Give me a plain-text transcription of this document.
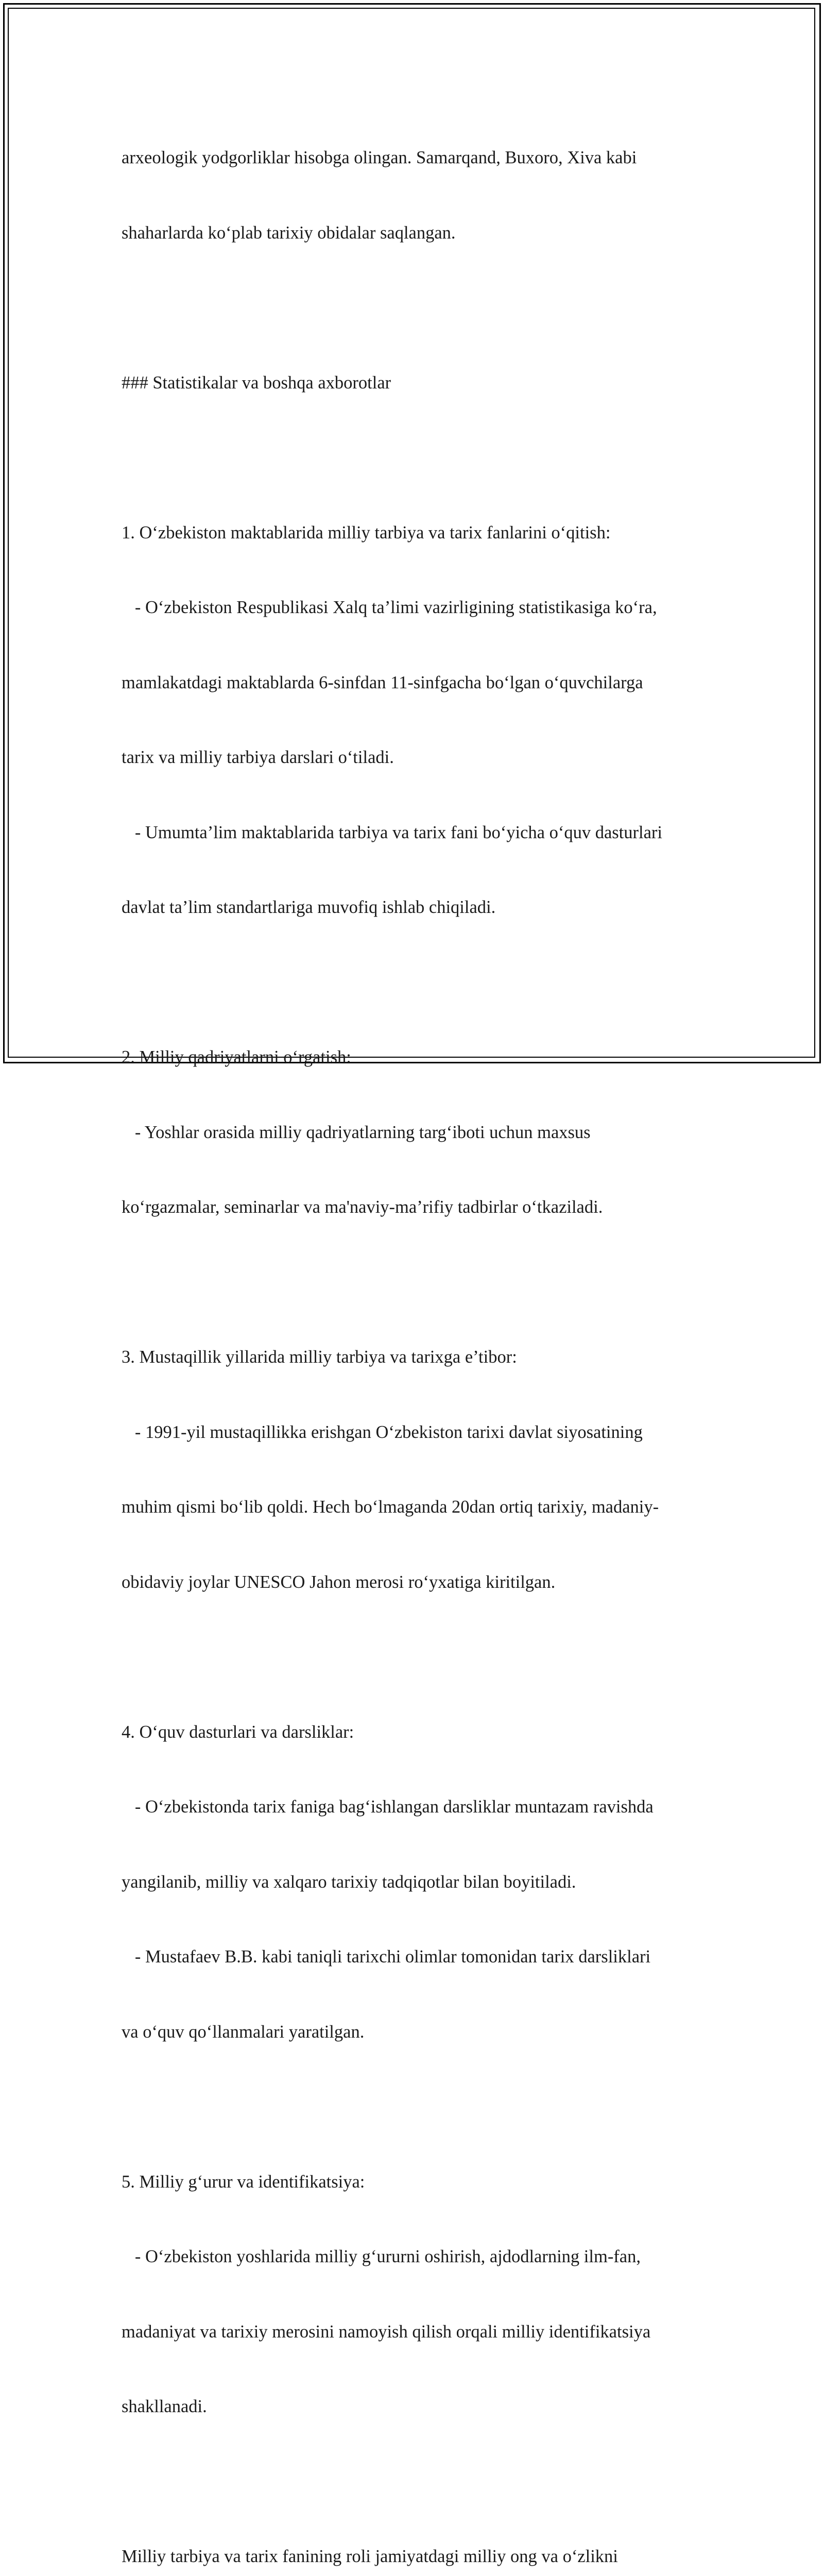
arxeologik yodgorliklar hisobga olingan. Samarqand, Buxoro, Xiva kabi

shaharlarda ko‘plab tarixiy obidalar saqlangan.

### Statistikalar va boshqa axborotlar

1. O‘zbekiston maktablarida milliy tarbiya va tarix fanlarini o‘qitish:

- O‘zbekiston Respublikasi Xalq ta’limi vazirligining statistikasiga ko‘ra,

mamlakatdagi maktablarda 6-sinfdan 11-sinfgacha bo‘lgan o‘quvchilarga

tarix va milliy tarbiya darslari o‘tiladi.

- Umumta’lim maktablarida tarbiya va tarix fani bo‘yicha o‘quv dasturlari

davlat ta’lim standartlariga muvofiq ishlab chiqiladi.

2. Milliy qadriyatlarni o‘rgatish:

- Yoshlar orasida milliy qadriyatlarning targ‘iboti uchun maxsus

ko‘rgazmalar, seminarlar va ma'naviy-ma’rifiy tadbirlar o‘tkaziladi.

3. Mustaqillik yillarida milliy tarbiya va tarixga e’tibor:

- 1991-yil mustaqillikka erishgan O‘zbekiston tarixi davlat siyosatining

muhim qismi bo‘lib qoldi. Hech bo‘lmaganda 20dan ortiq tarixiy, madaniy-

obidaviy joylar UNESCO Jahon merosi ro‘yxatiga kiritilgan.

4. O‘quv dasturlari va darsliklar:

- O‘zbekistonda tarix faniga bag‘ishlangan darsliklar muntazam ravishda

yangilanib, milliy va xalqaro tarixiy tadqiqotlar bilan boyitiladi.

- Mustafaev B.B. kabi taniqli tarixchi olimlar tomonidan tarix darsliklari

va o‘quv qo‘llanmalari yaratilgan.

5. Milliy g‘urur va identifikatsiya:

- O‘zbekiston yoshlarida milliy g‘ururni oshirish, ajdodlarning ilm-fan,

madaniyat va tarixiy merosini namoyish qilish orqali milliy identifikatsiya

shakllanadi.

Milliy tarbiya va tarix fanining roli jamiyatdagi milliy ong va o‘zlikni
